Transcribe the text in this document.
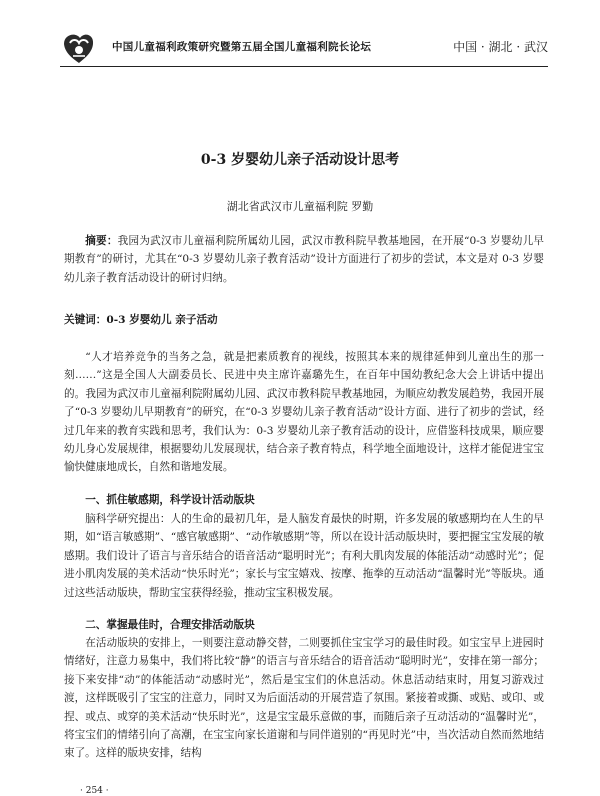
中国儿童福利政策研究暨第五届全国儿童福利院长论坛	中国 · 湖北 · 武汉
0-3 岁婴幼儿亲子活动设计思考
湖北省武汉市儿童福利院 罗勤
摘要：我园为武汉市儿童福利院所属幼儿园，武汉市教科院早教基地园，在开展“0-3 岁婴幼儿早期教育”的研讨，尤其在“0-3 岁婴幼儿亲子教育活动”设计方面进行了初步的尝试，本文是对 0-3 岁婴幼儿亲子教育活动设计的研讨归纳。
关键词：0-3 岁婴幼儿 亲子活动
“人才培养竞争的当务之急，就是把素质教育的视线，按照其本来的规律延伸到儿童出生的那一刻……”这是全国人大副委员长、民进中央主席许嘉璐先生，在百年中国幼教纪念大会上讲话中提出的。我园为武汉市儿童福利院附属幼儿园、武汉市教科院早教基地园，为顺应幼教发展趋势，我园开展了“0-3 岁婴幼儿早期教育”的研究，在“0-3 岁婴幼儿亲子教育活动”设计方面、进行了初步的尝试，经过几年来的教育实践和思考，我们认为：0-3 岁婴幼儿亲子教育活动的设计，应借鉴科技成果，顺应婴幼儿身心发展规律，根据婴幼儿发展现状，结合亲子教育特点，科学地全面地设计，这样才能促进宝宝愉快健康地成长，自然和谐地发展。
一、抓住敏感期，科学设计活动版块
脑科学研究提出：人的生命的最初几年，是人脑发育最快的时期，许多发展的敏感期均在人生的早期，如“语言敏感期”、“感官敏感期”、“动作敏感期”等，所以在设计活动版块时，要把握宝宝发展的敏感期。我们设计了语言与音乐结合的语音活动“聪明时光”；有利大肌肉发展的体能活动“动感时光”；促进小肌肉发展的美术活动“快乐时光”；家长与宝宝嬉戏、按摩、拖拳的互动活动“温馨时光”等版块。通过这些活动版块，帮助宝宝获得经验，推动宝宝积极发展。
二、掌握最佳时，合理安排活动版块
在活动版块的安排上，一则要注意动静交替，二则要抓住宝宝学习的最佳时段。如宝宝早上进园时情绪好，注意力易集中，我们将比较“静”的语言与音乐结合的语音活动“聪明时光”，安排在第一部分；接下来安排“动”的体能活动“动感时光”，然后是宝宝们的休息活动。休息活动结束时，用复习游戏过渡，这样既吸引了宝宝的注意力，同时又为后面活动的开展营造了氛围。紧接着或撕、或贴、或印、或捏、或点、或穿的美术活动“快乐时光”，这是宝宝最乐意做的事，而随后亲子互动活动的“温馨时光”，将宝宝们的情绪引向了高潮，在宝宝向家长道谢和与同伴道别的“再见时光”中，当次活动自然而然地结束了。这样的版块安排，结构
· 254 ·
